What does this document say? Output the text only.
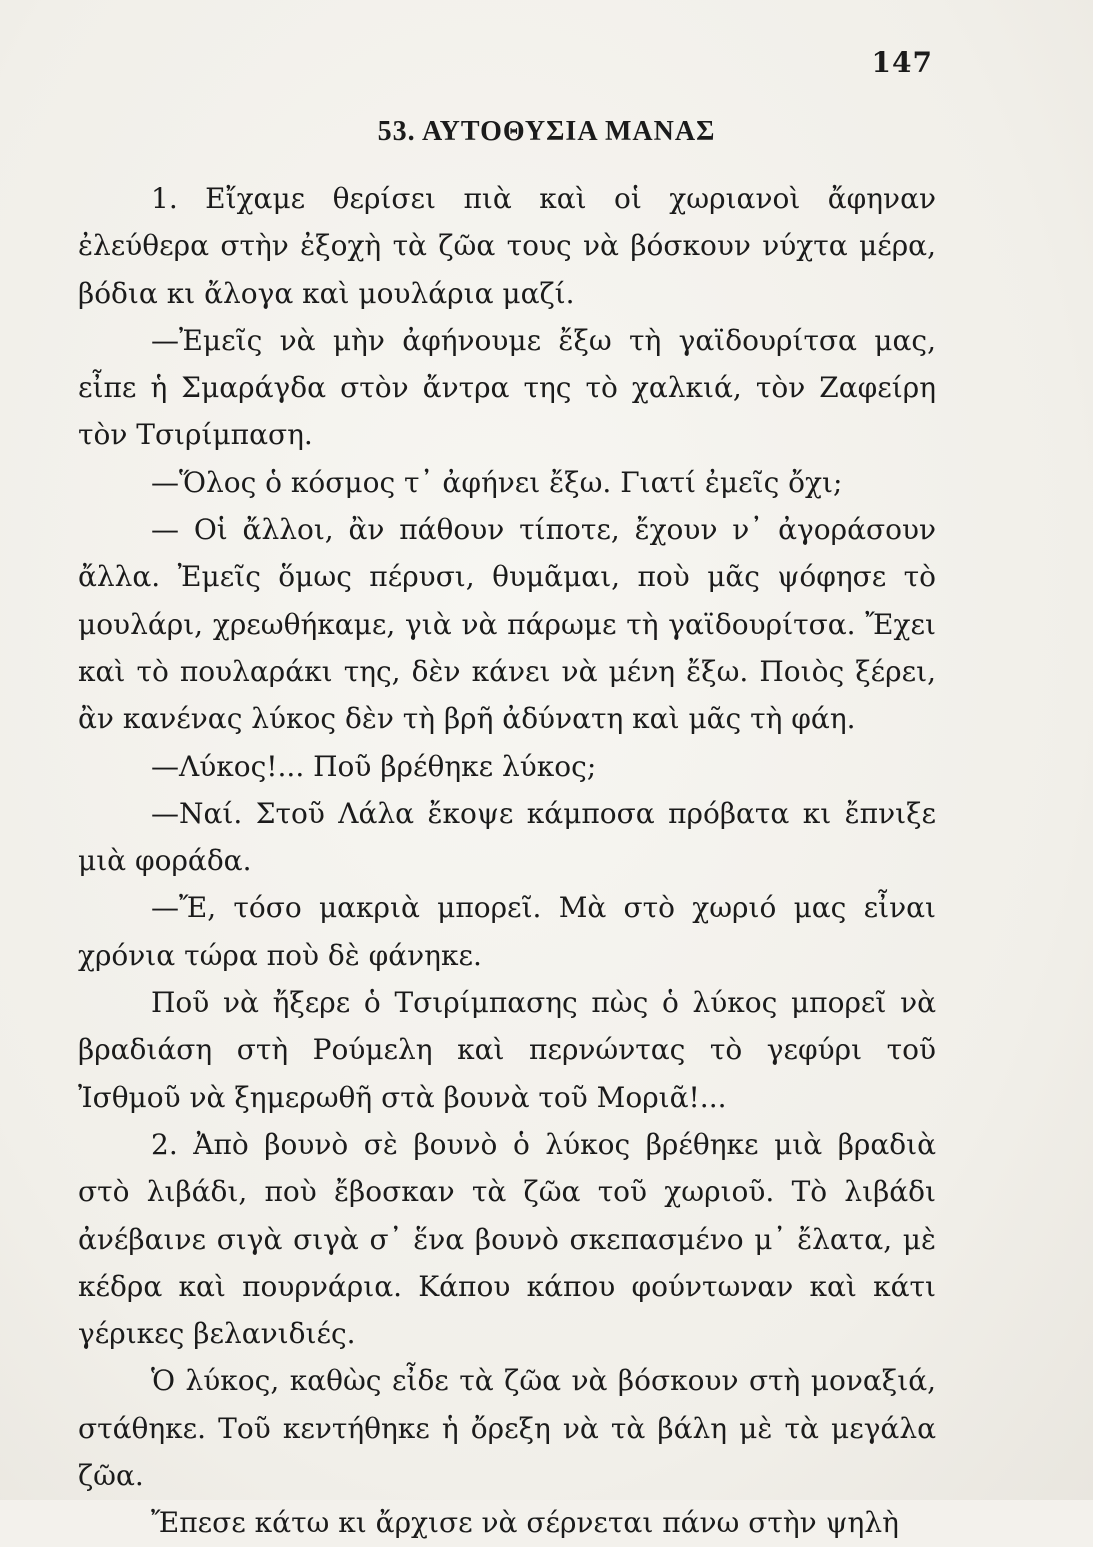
147
53. ΑΥΤΟΘΥΣΙΑ ΜΑΝΑΣ

1. Εἴχαμε θερίσει πιὰ καὶ οἱ χωριανοὶ ἄφηναν ἐλεύθερα στὴν ἐξοχὴ τὰ ζῶα τους νὰ βόσκουν νύχτα μέρα, βόδια κι ἄλογα καὶ μουλάρια μαζί.

—Ἐμεῖς νὰ μὴν ἀφήνουμε ἔξω τὴ γαϊδουρίτσα μας, εἶπε ἡ Σμαράγδα στὸν ἄντρα της τὸ χαλκιά, τὸν Ζαφείρη τὸν Τσιρίμπαση.

—Ὅλος ὁ κόσμος τ᾽ ἀφήνει ἔξω. Γιατί ἐμεῖς ὄχι;

— Οἱ ἄλλοι, ἂν πάθουν τίποτε, ἔχουν ν᾽ ἀγοράσουν ἄλλα. Ἐμεῖς ὅμως πέρυσι, θυμᾶμαι, ποὺ μᾶς ψόφησε τὸ μουλάρι, χρεωθήκαμε, γιὰ νὰ πάρωμε τὴ γαϊδουρίτσα. Ἔχει καὶ τὸ πουλαράκι της, δὲν κάνει νὰ μένη ἔξω. Ποιὸς ξέρει, ἂν κανένας λύκος δὲν τὴ βρῆ ἀδύνατη καὶ μᾶς τὴ φάη.

—Λύκος!... Ποῦ βρέθηκε λύκος;

—Ναί. Στοῦ Λάλα ἔκοψε κάμποσα πρόβατα κι ἔπνιξε μιὰ φοράδα.

—Ἔ, τόσο μακριὰ μπορεῖ. Μὰ στὸ χωριό μας εἶναι χρόνια τώρα ποὺ δὲ φάνηκε.

Ποῦ νὰ ἤξερε ὁ Τσιρίμπασης πὼς ὁ λύκος μπορεῖ νὰ βραδιάση στὴ Ρούμελη καὶ περνώντας τὸ γεφύρι τοῦ Ἰσθμοῦ νὰ ξημερωθῆ στὰ βουνὰ τοῦ Μοριᾶ!...

2. Ἀπὸ βουνὸ σὲ βουνὸ ὁ λύκος βρέθηκε μιὰ βραδιὰ στὸ λιβάδι, ποὺ ἔβοσκαν τὰ ζῶα τοῦ χωριοῦ. Τὸ λιβάδι ἀνέβαινε σιγὰ σιγὰ σ᾽ ἕνα βουνὸ σκεπασμένο μ᾽ ἔλατα, μὲ κέδρα καὶ πουρνάρια. Κάπου κάπου φούντωναν καὶ κάτι γέρικες βελανιδιές.

Ὁ λύκος, καθὼς εἶδε τὰ ζῶα νὰ βόσκουν στὴ μοναξιά, στάθηκε. Τοῦ κεντήθηκε ἡ ὄρεξη νὰ τὰ βάλη μὲ τὰ μεγάλα ζῶα.

Ἔπεσε κάτω κι ἄρχισε νὰ σέρνεται πάνω στὴν ψηλὴ
